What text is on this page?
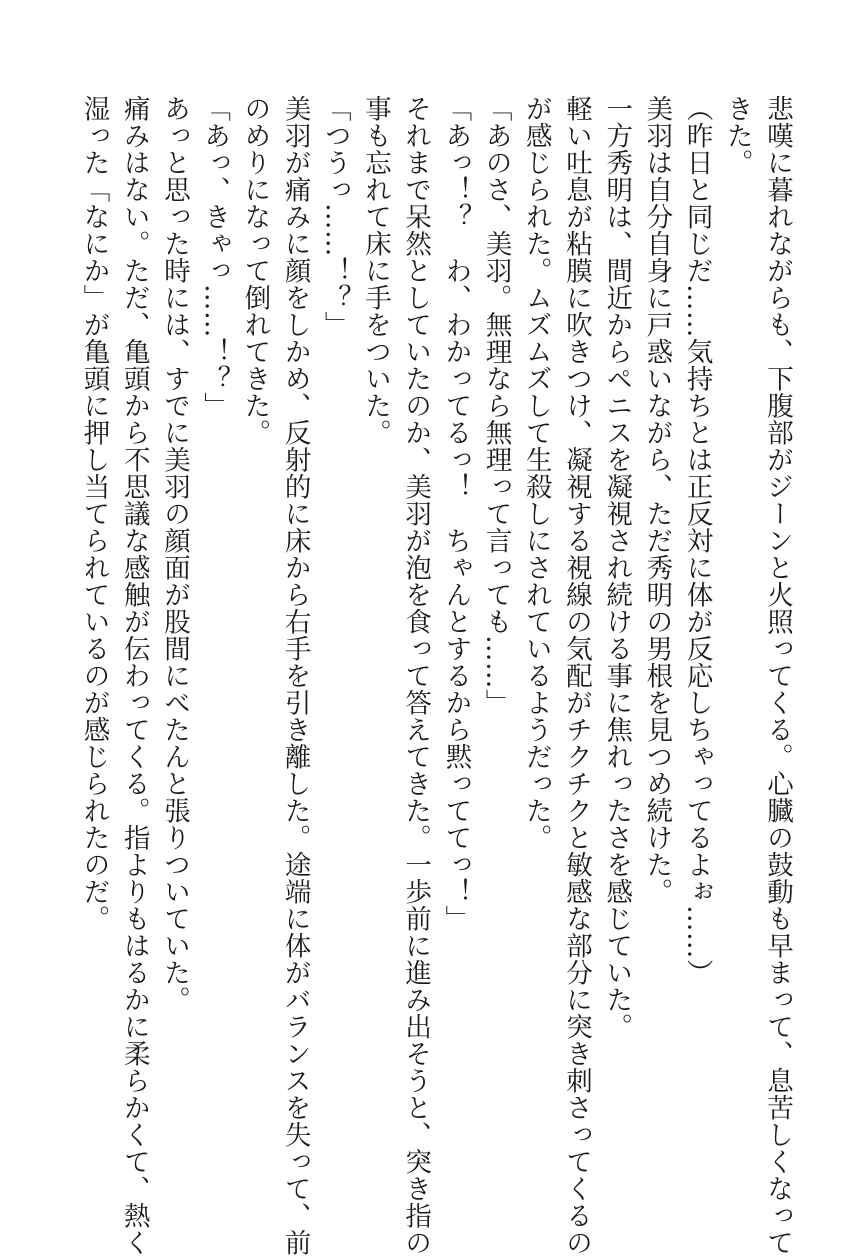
悲嘆に暮れながらも、下腹部がジーンと火照ってくる。心臓の鼓動も早まって、息苦しくなって
きた。
（昨日と同じだ……気持ちとは正反対に体が反応しちゃってるよぉ……）
美羽は自分自身に戸惑いながら、ただ秀明の男根を見つめ続けた。
一方秀明は、間近からペニスを凝視され続ける事に焦れったさを感じていた。
軽い吐息が粘膜に吹きつけ、凝視する視線の気配がチクチクと敏感な部分に突き刺さってくるの
が感じられた。ムズムズして生殺しにされているようだった。
「あのさ、美羽。無理なら無理って言っても……」
「あっ！？　わ、わかってるっ！　ちゃんとするから黙っててっ！」
それまで呆然としていたのか、美羽が泡を食って答えてきた。一歩前に進み出そうと、突き指の
事も忘れて床に手をついた。
「つうっ……！？」
美羽が痛みに顔をしかめ、反射的に床から右手を引き離した。途端に体がバランスを失って、前
のめりになって倒れてきた。
「あっ、きゃっ……！？」
あっと思った時には、すでに美羽の顔面が股間にべたんと張りついていた。
痛みはない。ただ、亀頭から不思議な感触が伝わってくる。指よりもはるかに柔らかくて、熱く
湿った「なにか」が亀頭に押し当てられているのが感じられたのだ。
